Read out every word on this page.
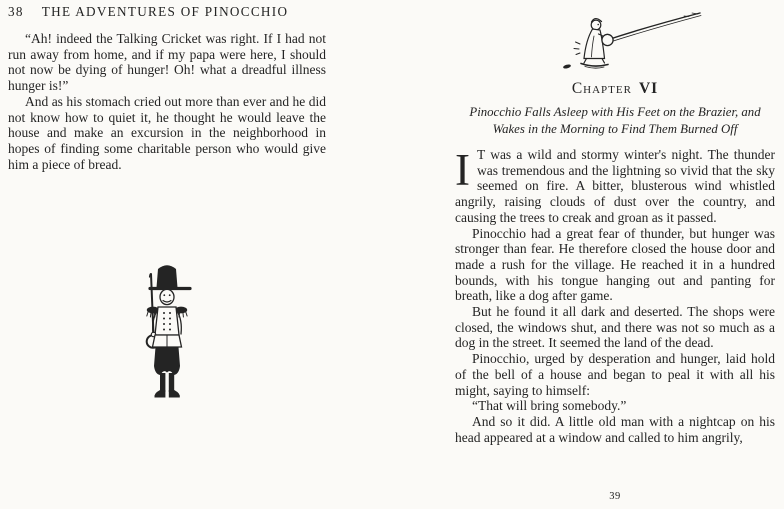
38 THE ADVENTURES OF PINOCCHIO

“Ah! indeed the Talking Cricket was right. If I had not run away from home, and if my papa were here, I should not now be dying of hunger! Oh! what a dreadful illness hunger is!”

And as his stomach cried out more than ever and he did not know how to quiet it, he thought he would leave the house and make an excursion in the neighborhood in hopes of finding some charitable person who would give him a piece of bread.

Chapter VI
Pinocchio Falls Asleep with His Feet on the Brazier, and
Wakes in the Morning to Find Them Burned Off

I T was a wild and stormy winter's night. The thunder was tremendous and the lightning so vivid that the sky seemed on fire. A bitter, blusterous wind whistled angrily, raising clouds of dust over the country, and causing the trees to creak and groan as it passed.

Pinocchio had a great fear of thunder, but hunger was stronger than fear. He therefore closed the house door and made a rush for the village. He reached it in a hundred bounds, with his tongue hanging out and panting for breath, like a dog after game.

But he found it all dark and deserted. The shops were closed, the windows shut, and there was not so much as a dog in the street. It seemed the land of the dead.

Pinocchio, urged by desperation and hunger, laid hold of the bell of a house and began to peal it with all his might, saying to himself:

“That will bring somebody.”

And so it did. A little old man with a nightcap on his head appeared at a window and called to him angrily,

39
